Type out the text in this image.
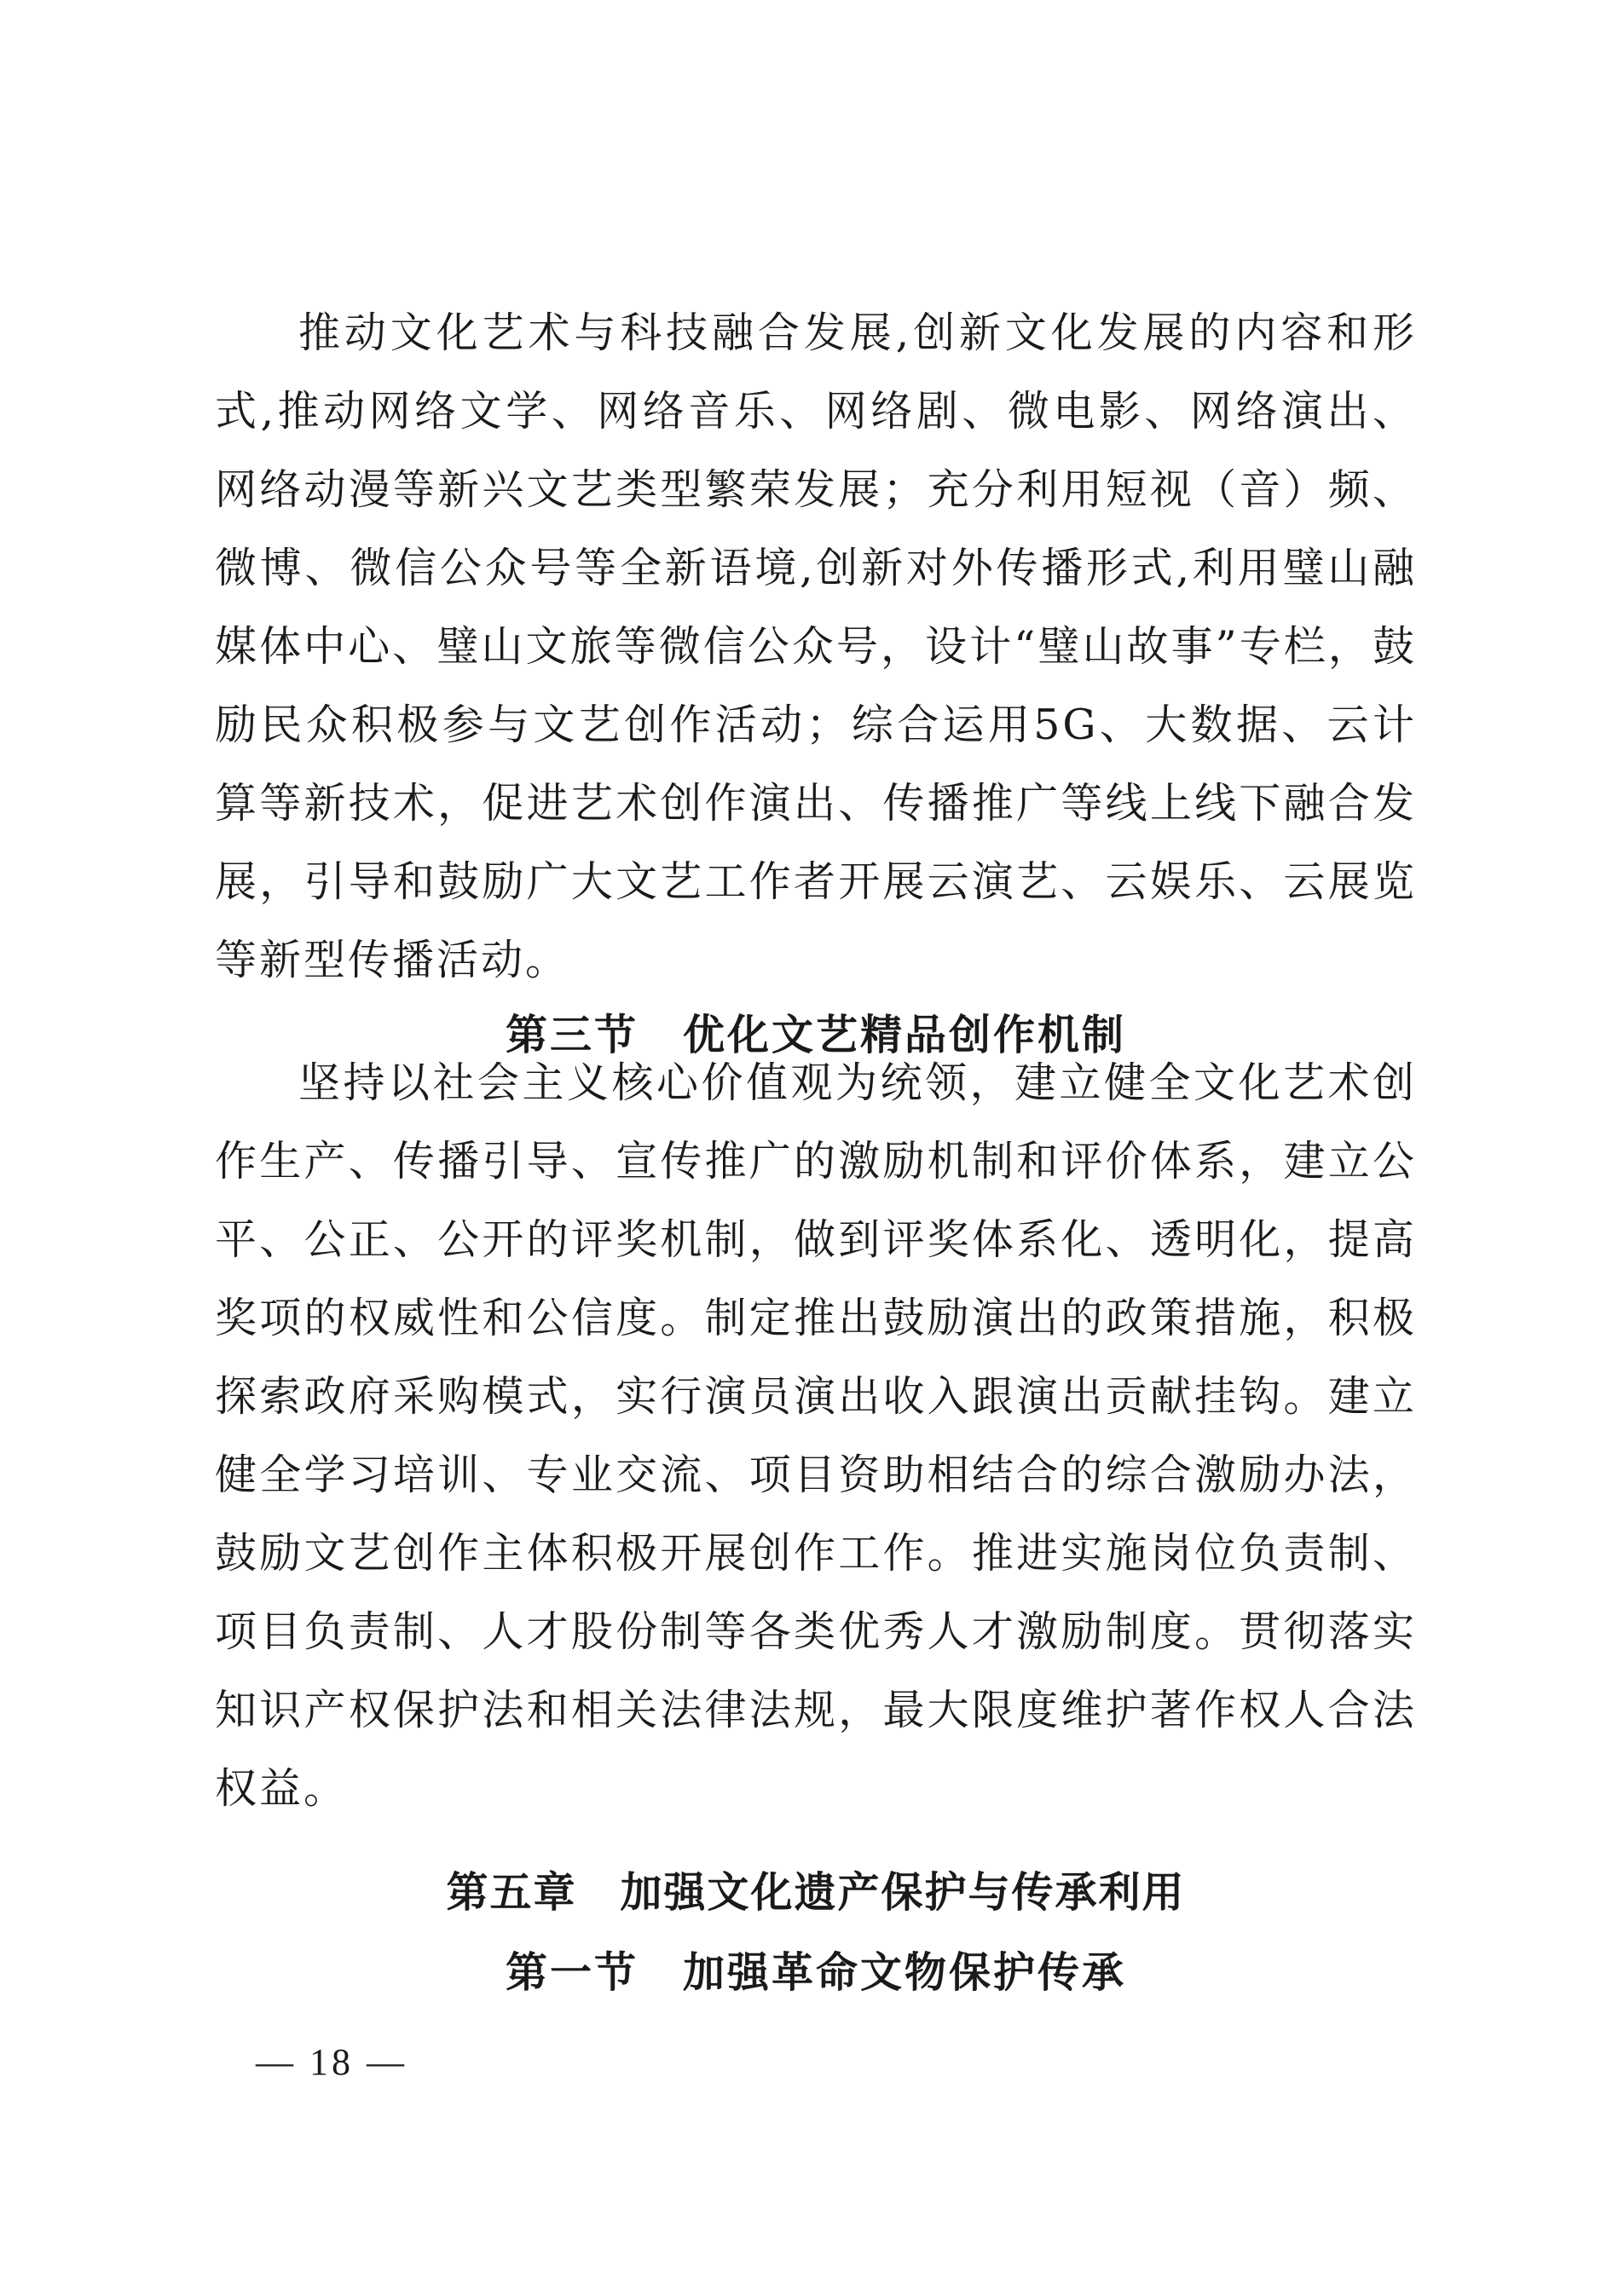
推动文化艺术与科技融合发展,创新文化发展的内容和形式,推动网络文学、网络音乐、网络剧、微电影、网络演出、网络动漫等新兴文艺类型繁荣发展；充分利用短视（音）频、微博、微信公众号等全新语境,创新对外传播形式,利用璧山融媒体中心、璧山文旅等微信公众号，设计“璧山故事”专栏，鼓励民众积极参与文艺创作活动；综合运用5G、大数据、云计算等新技术，促进艺术创作演出、传播推广等线上线下融合发展，引导和鼓励广大文艺工作者开展云演艺、云娱乐、云展览等新型传播活动。

第三节　优化文艺精品创作机制

坚持以社会主义核心价值观为统领，建立健全文化艺术创作生产、传播引导、宣传推广的激励机制和评价体系，建立公平、公正、公开的评奖机制，做到评奖体系化、透明化，提高奖项的权威性和公信度。制定推出鼓励演出的政策措施，积极探索政府采购模式，实行演员演出收入跟演出贡献挂钩。建立健全学习培训、专业交流、项目资助相结合的综合激励办法，鼓励文艺创作主体积极开展创作工作。推进实施岗位负责制、项目负责制、人才股份制等各类优秀人才激励制度。贯彻落实知识产权保护法和相关法律法规，最大限度维护著作权人合法权益。

第五章　加强文化遗产保护与传承利用
第一节　加强革命文物保护传承
— 18 —
